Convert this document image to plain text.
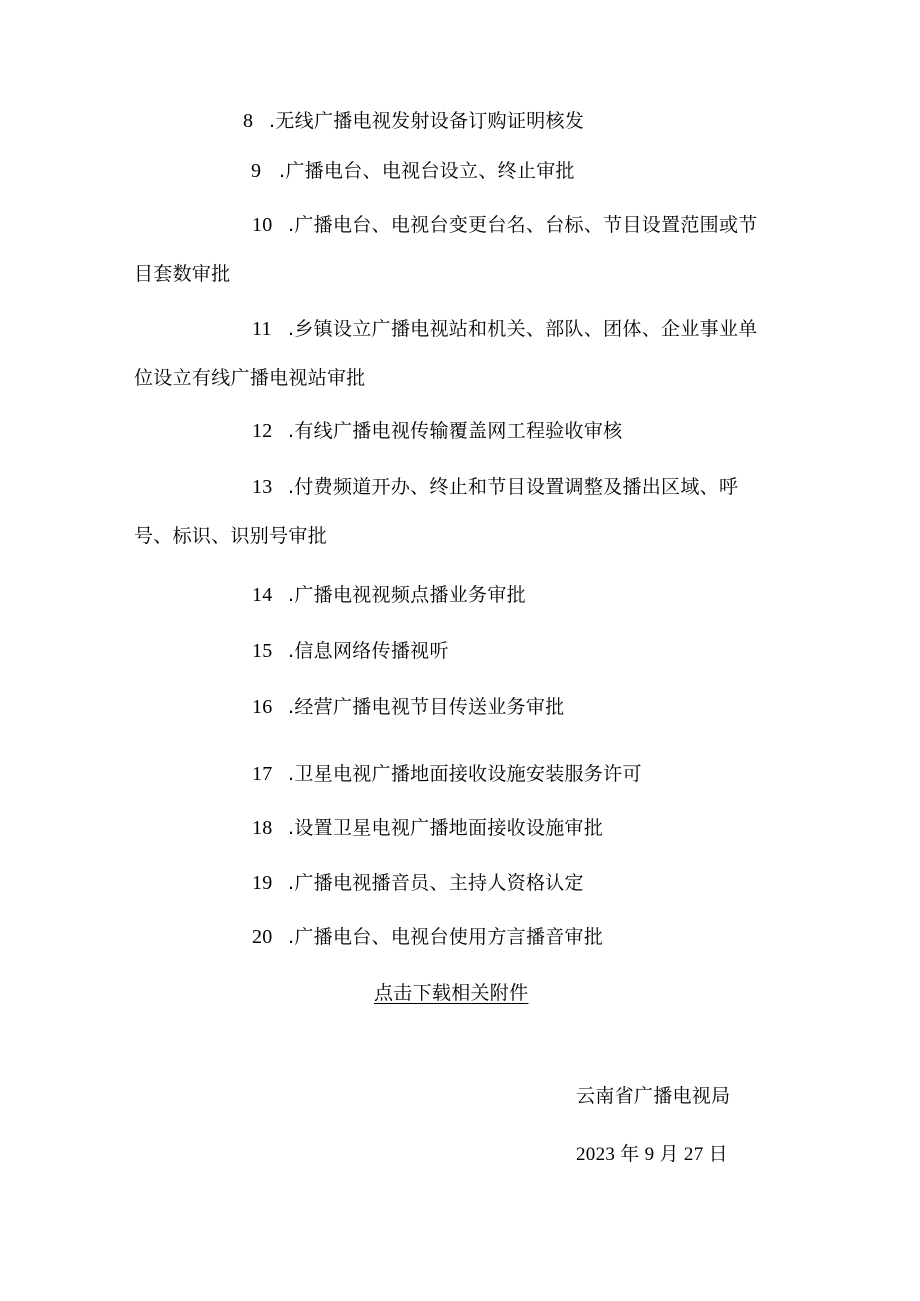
8 .无线广播电视发射设备订购证明核发
9 .广播电台、电视台设立、终止审批
10 .广播电台、电视台变更台名、台标、节目设置范围或节
目套数审批
11 .乡镇设立广播电视站和机关、部队、团体、企业事业单
位设立有线广播电视站审批
12 .有线广播电视传输覆盖网工程验收审核
13 .付费频道开办、终止和节目设置调整及播出区域、呼
号、标识、识别号审批
14 .广播电视视频点播业务审批
15 .信息网络传播视听
16 .经营广播电视节目传送业务审批
17 .卫星电视广播地面接收设施安装服务许可
18 .设置卫星电视广播地面接收设施审批
19 .广播电视播音员、主持人资格认定
20 .广播电台、电视台使用方言播音审批
点击下载相关附件
云南省广播电视局
2023 年 9 月 27 日
